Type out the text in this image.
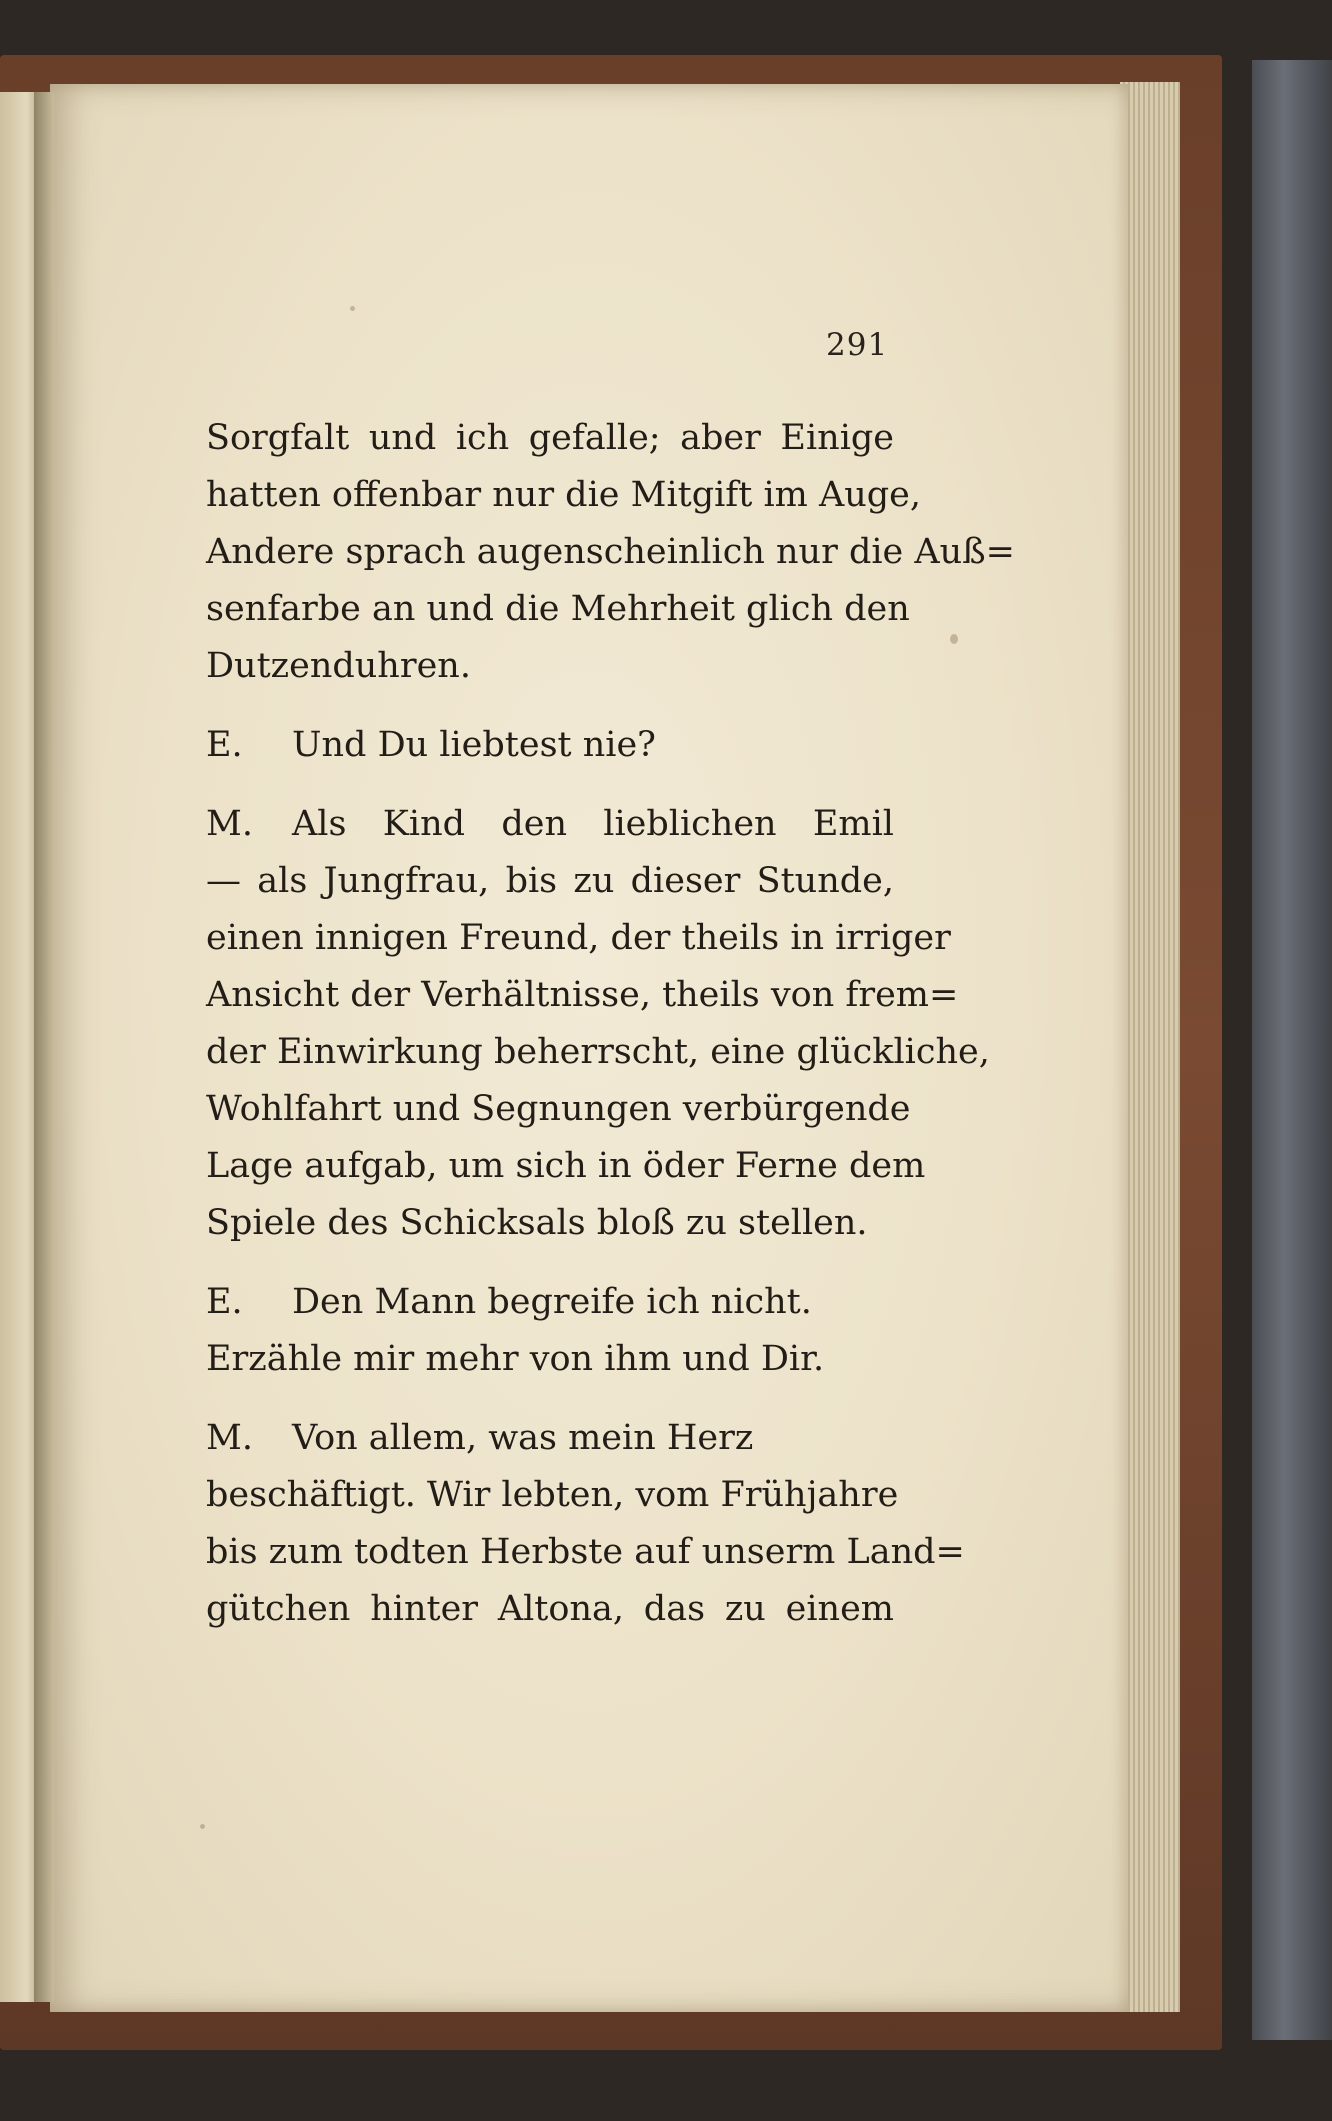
291
Sorgfalt und ich gefalle; aber Einige
hatten offenbar nur die Mitgift im Auge,
Andere sprach augenscheinlich nur die Auß=
senfarbe an und die Mehrheit glich den
Dutzenduhren.
E. Und Du liebtest nie?
M. Als Kind den lieblichen Emil
— als Jungfrau, bis zu dieser Stunde,
einen innigen Freund, der theils in irriger
Ansicht der Verhältnisse, theils von frem=
der Einwirkung beherrscht, eine glückliche,
Wohlfahrt und Segnungen verbürgende
Lage aufgab, um sich in öder Ferne dem
Spiele des Schicksals bloß zu stellen.
E. Den Mann begreife ich nicht.
Erzähle mir mehr von ihm und Dir.
M. Von allem, was mein Herz
beschäftigt. Wir lebten, vom Frühjahre
bis zum todten Herbste auf unserm Land=
gütchen hinter Altona, das zu einem
